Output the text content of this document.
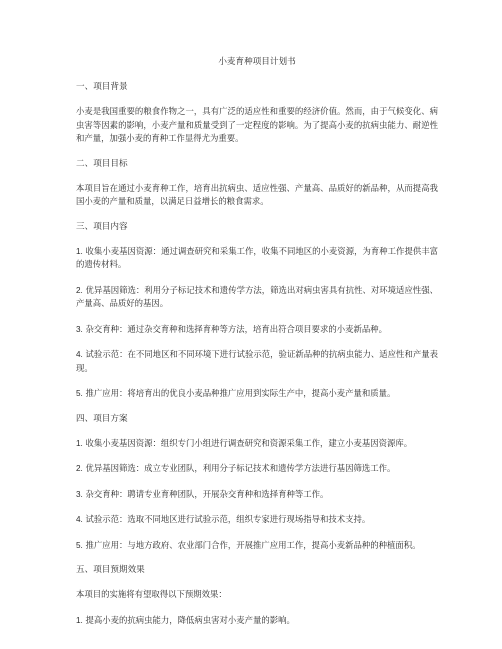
小麦育种项目计划书
一、项目背景
小麦是我国重要的粮食作物之一，具有广泛的适应性和重要的经济价值。然而，由于气候变化、病虫害等因素的影响，小麦产量和质量受到了一定程度的影响。为了提高小麦的抗病虫能力、耐逆性和产量，加强小麦的育种工作显得尤为重要。
二、项目目标
本项目旨在通过小麦育种工作，培育出抗病虫、适应性强、产量高、品质好的新品种，从而提高我国小麦的产量和质量，以满足日益增长的粮食需求。
三、项目内容
1. 收集小麦基因资源：通过调查研究和采集工作，收集不同地区的小麦资源，为育种工作提供丰富的遗传材料。
2. 优异基因筛选：利用分子标记技术和遗传学方法，筛选出对病虫害具有抗性、对环境适应性强、产量高、品质好的基因。
3. 杂交育种：通过杂交育种和选择育种等方法，培育出符合项目要求的小麦新品种。
4. 试验示范：在不同地区和不同环境下进行试验示范，验证新品种的抗病虫能力、适应性和产量表现。
5. 推广应用：将培育出的优良小麦品种推广应用到实际生产中，提高小麦产量和质量。
四、项目方案
1. 收集小麦基因资源：组织专门小组进行调查研究和资源采集工作，建立小麦基因资源库。
2. 优异基因筛选：成立专业团队，利用分子标记技术和遗传学方法进行基因筛选工作。
3. 杂交育种：聘请专业育种团队，开展杂交育种和选择育种等工作。
4. 试验示范：选取不同地区进行试验示范，组织专家进行现场指导和技术支持。
5. 推广应用：与地方政府、农业部门合作，开展推广应用工作，提高小麦新品种的种植面积。
五、项目预期效果
本项目的实施将有望取得以下预期效果：
1. 提高小麦的抗病虫能力，降低病虫害对小麦产量的影响。
